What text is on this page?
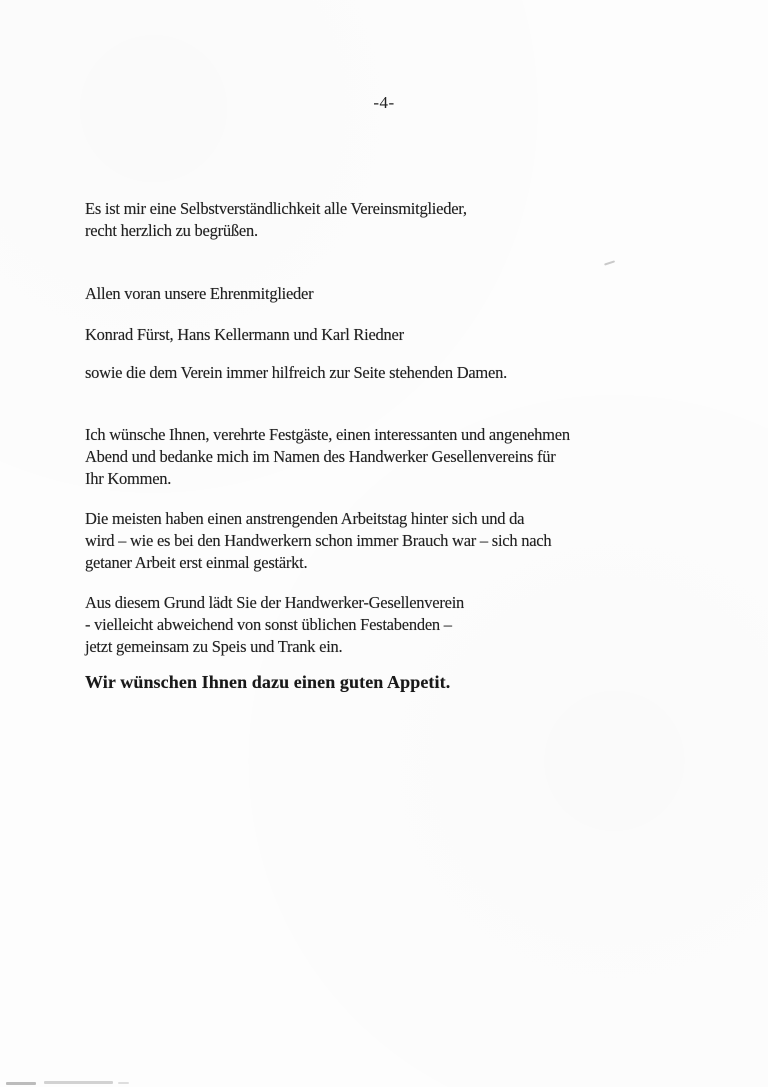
-4-
Es ist mir eine Selbstverständlichkeit alle Vereinsmitglieder,
recht herzlich zu begrüßen.
Allen voran unsere Ehrenmitglieder
Konrad Fürst, Hans Kellermann und Karl Riedner
sowie die dem Verein immer hilfreich zur Seite stehenden Damen.
Ich wünsche Ihnen, verehrte Festgäste, einen interessanten und angenehmen
Abend und bedanke mich im Namen des Handwerker Gesellenvereins für
Ihr Kommen.
Die meisten haben einen anstrengenden Arbeitstag hinter sich und da
wird – wie es bei den Handwerkern schon immer Brauch war – sich nach
getaner Arbeit erst einmal gestärkt.
Aus diesem Grund lädt Sie der Handwerker-Gesellenverein
- vielleicht abweichend von sonst üblichen Festabenden –
jetzt gemeinsam zu Speis und Trank ein.
Wir wünschen Ihnen dazu einen guten Appetit.
